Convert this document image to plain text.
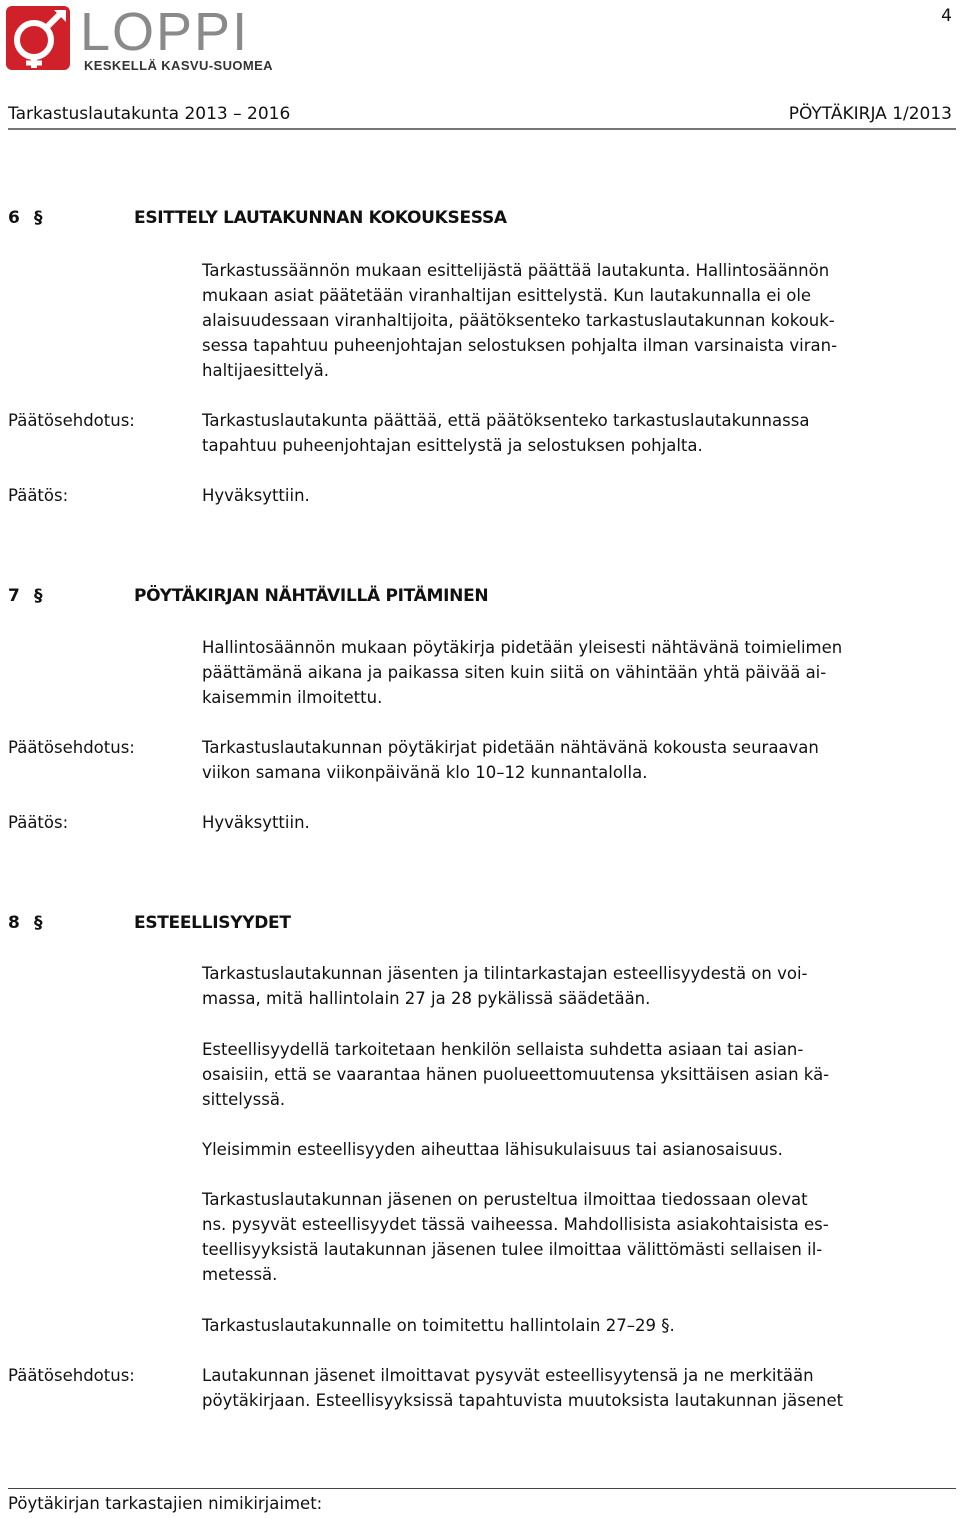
LOPPI
KESKELLÄ KASVU-SUOMEA
4
Tarkastuslautakunta 2013 – 2016	PÖYTÄKIRJA 1/2013
6 §	ESITTELY LAUTAKUNNAN KOKOUKSESSA
Tarkastussäännön mukaan esittelijästä päättää lautakunta. Hallintosäännön
mukaan asiat päätetään viranhaltijan esittelystä. Kun lautakunnalla ei ole
alaisuudessaan viranhaltijoita, päätöksenteko tarkastuslautakunnan kokouk-
sessa tapahtuu puheenjohtajan selostuksen pohjalta ilman varsinaista viran-
haltijaesittelyä.
Päätösehdotus:	Tarkastuslautakunta päättää, että päätöksenteko tarkastuslautakunnassa
tapahtuu puheenjohtajan esittelystä ja selostuksen pohjalta.
Päätös:	Hyväksyttiin.
7 §	PÖYTÄKIRJAN NÄHTÄVILLÄ PITÄMINEN
Hallintosäännön mukaan pöytäkirja pidetään yleisesti nähtävänä toimielimen
päättämänä aikana ja paikassa siten kuin siitä on vähintään yhtä päivää ai-
kaisemmin ilmoitettu.
Päätösehdotus:	Tarkastuslautakunnan pöytäkirjat pidetään nähtävänä kokousta seuraavan
viikon samana viikonpäivänä klo 10–12 kunnantalolla.
Päätös:	Hyväksyttiin.
8 §	ESTEELLISYYDET
Tarkastuslautakunnan jäsenten ja tilintarkastajan esteellisyydestä on voi-
massa, mitä hallintolain 27 ja 28 pykälissä säädetään.
Esteellisyydellä tarkoitetaan henkilön sellaista suhdetta asiaan tai asian-
osaisiin, että se vaarantaa hänen puolueettomuutensa yksittäisen asian kä-
sittelyssä.
Yleisimmin esteellisyyden aiheuttaa lähisukulaisuus tai asianosaisuus.
Tarkastuslautakunnan jäsenen on perusteltua ilmoittaa tiedossaan olevat
ns. pysyvät esteellisyydet tässä vaiheessa. Mahdollisista asiakohtaisista es-
teellisyyksistä lautakunnan jäsenen tulee ilmoittaa välittömästi sellaisen il-
metessä.
Tarkastuslautakunnalle on toimitettu hallintolain 27–29 §.
Päätösehdotus:	Lautakunnan jäsenet ilmoittavat pysyvät esteellisyytensä ja ne merkitään
pöytäkirjaan. Esteellisyyksissä tapahtuvista muutoksista lautakunnan jäsenet
Pöytäkirjan tarkastajien nimikirjaimet:
